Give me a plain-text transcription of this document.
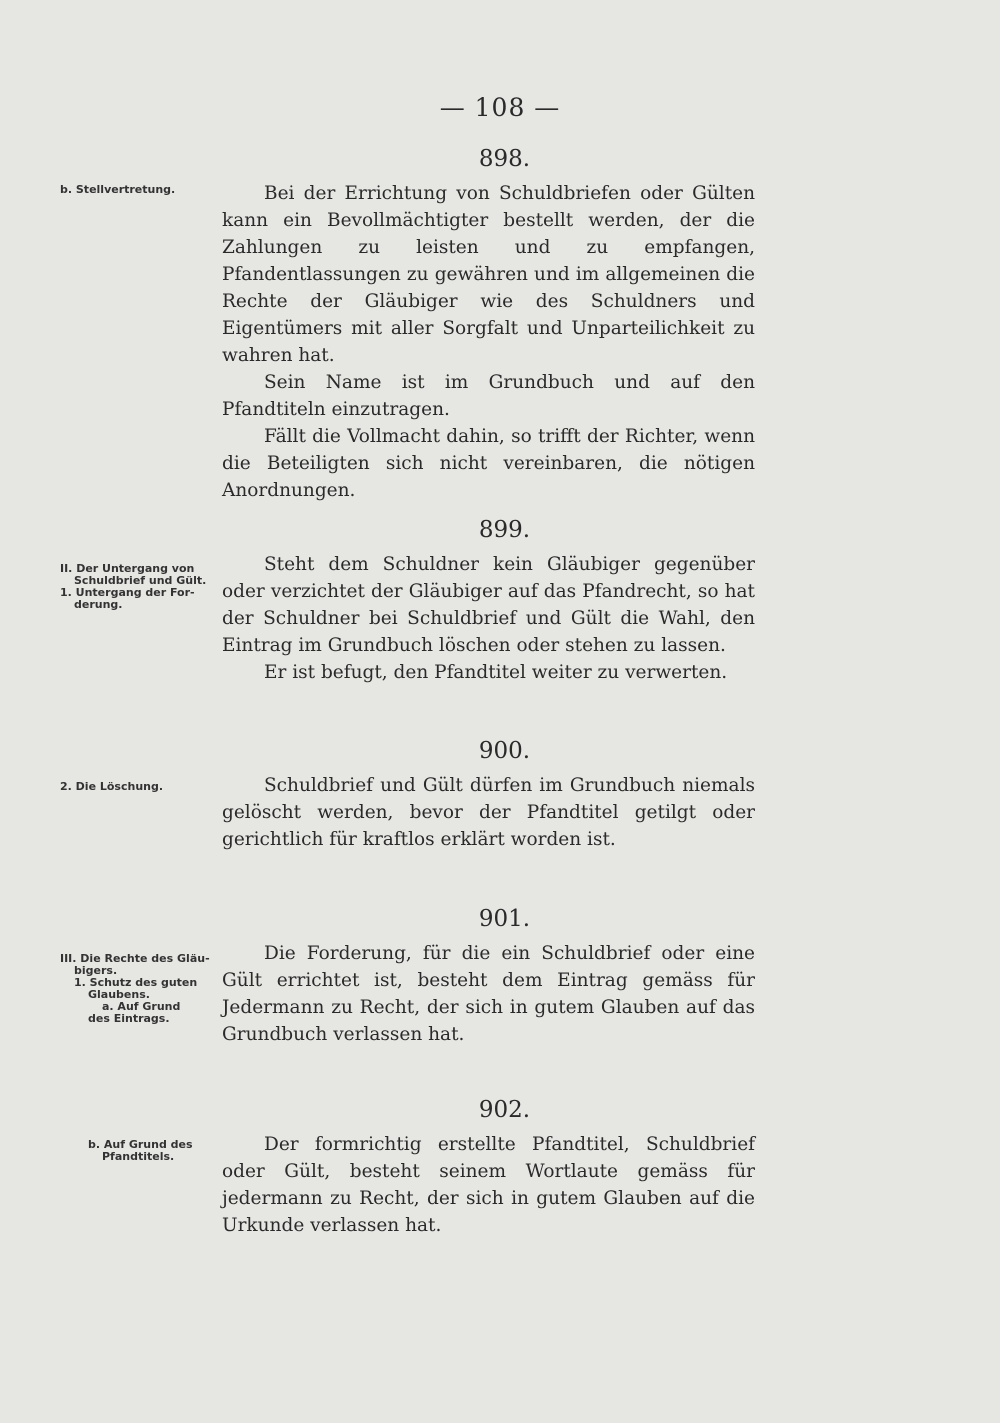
— 108 —
b. Stellvertretung.
898.

Bei der Errichtung von Schuldbriefen oder Gülten kann ein Bevollmächtigter bestellt werden, der die Zahlungen zu leisten und zu empfangen, Pfandentlassungen zu gewähren und im allgemeinen die Rechte der Gläubiger wie des Schuldners und Eigentümers mit aller Sorgfalt und Unparteilichkeit zu wahren hat.

Sein Name ist im Grundbuch und auf den Pfandtiteln einzutragen.

Fällt die Vollmacht dahin, so trifft der Richter, wenn die Beteiligten sich nicht vereinbaren, die nötigen Anordnungen.

II. Der Untergang von
Schuldbrief und Gült.
1. Untergang der For-
derung.
899.

Steht dem Schuldner kein Gläubiger gegenüber oder verzichtet der Gläubiger auf das Pfandrecht, so hat der Schuldner bei Schuldbrief und Gült die Wahl, den Eintrag im Grundbuch löschen oder stehen zu lassen.

Er ist befugt, den Pfandtitel weiter zu verwerten.

2. Die Löschung.
900.

Schuldbrief und Gült dürfen im Grundbuch niemals gelöscht werden, bevor der Pfandtitel getilgt oder gerichtlich für kraftlos erklärt worden ist.

III. Die Rechte des Gläu-
bigers.
1. Schutz des guten
Glaubens.
a. Auf Grund
des Eintrags.
901.

Die Forderung, für die ein Schuldbrief oder eine Gült errichtet ist, besteht dem Eintrag gemäss für Jedermann zu Recht, der sich in gutem Glauben auf das Grundbuch verlassen hat.

b. Auf Grund des
Pfandtitels.
902.

Der formrichtig erstellte Pfandtitel, Schuldbrief oder Gült, besteht seinem Wortlaute gemäss für jedermann zu Recht, der sich in gutem Glauben auf die Urkunde verlassen hat.
